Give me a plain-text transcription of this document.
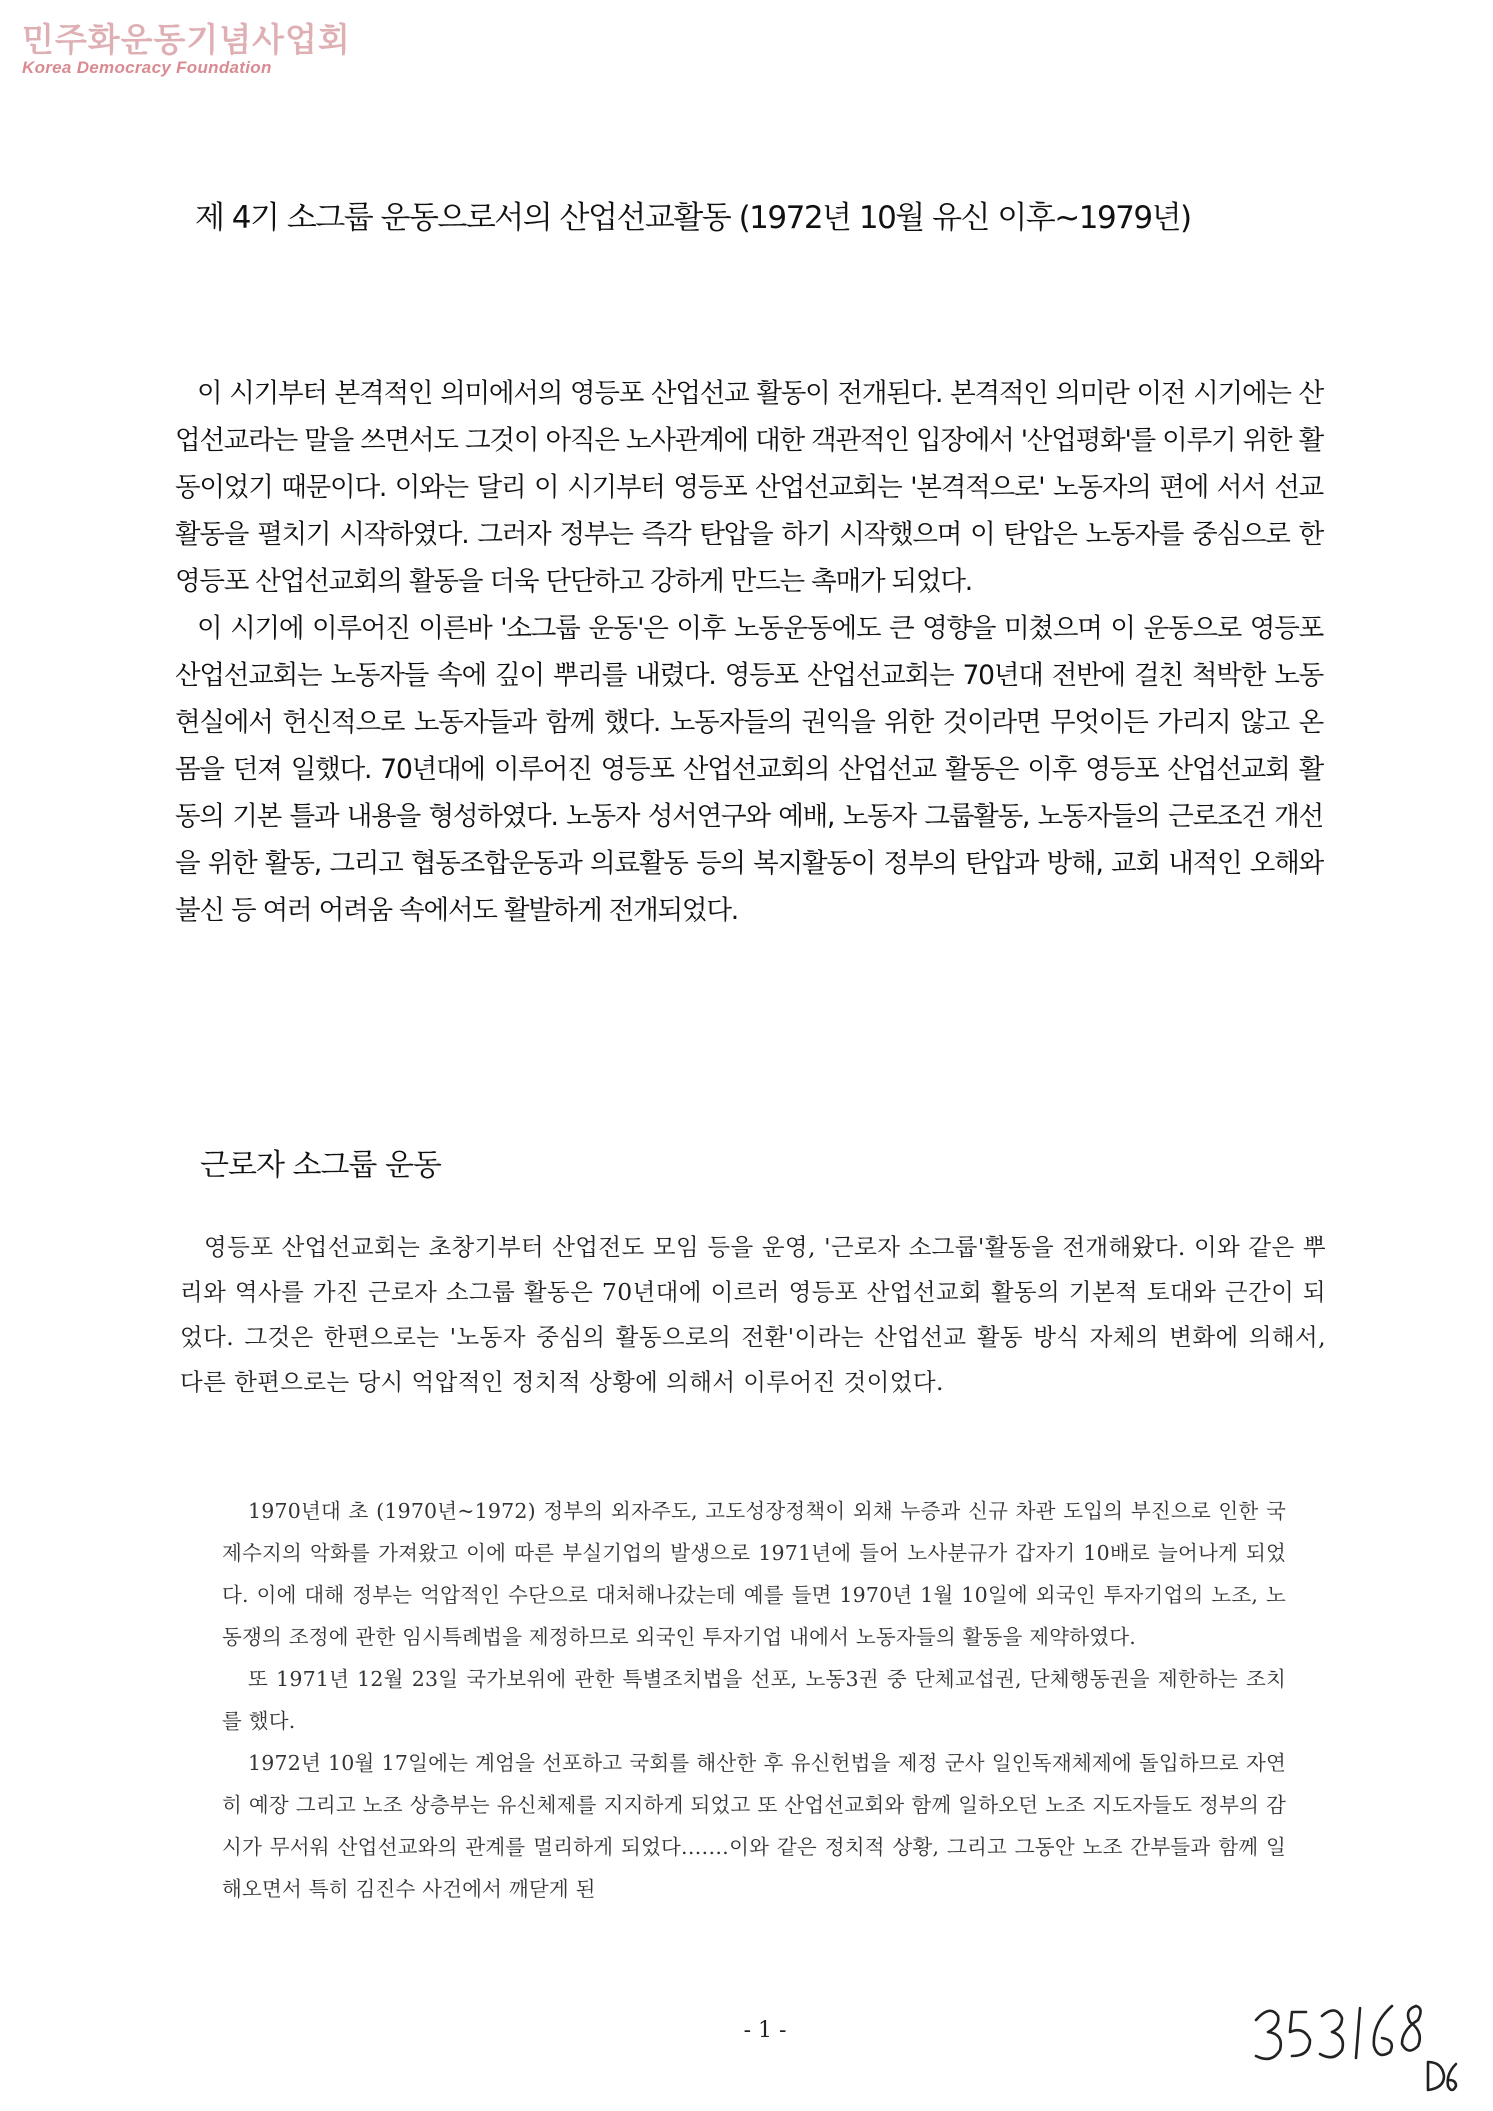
민주화운동기념사업회
Korea Democracy Foundation
제 4기 소그룹 운동으로서의 산업선교활동 (1972년 10월 유신 이후~1979년)

이 시기부터 본격적인 의미에서의 영등포 산업선교 활동이 전개된다. 본격적인 의미란 이전 시기에는 산업선교라는 말을 쓰면서도 그것이 아직은 노사관계에 대한 객관적인 입장에서 '산업평화'를 이루기 위한 활동이었기 때문이다. 이와는 달리 이 시기부터 영등포 산업선교회는 '본격적으로' 노동자의 편에 서서 선교활동을 펼치기 시작하였다. 그러자 정부는 즉각 탄압을 하기 시작했으며 이 탄압은 노동자를 중심으로 한 영등포 산업선교회의 활동을 더욱 단단하고 강하게 만드는 촉매가 되었다.

이 시기에 이루어진 이른바 '소그룹 운동'은 이후 노동운동에도 큰 영향을 미쳤으며 이 운동으로 영등포 산업선교회는 노동자들 속에 깊이 뿌리를 내렸다. 영등포 산업선교회는 70년대 전반에 걸친 척박한 노동현실에서 헌신적으로 노동자들과 함께 했다. 노동자들의 권익을 위한 것이라면 무엇이든 가리지 않고 온 몸을 던져 일했다. 70년대에 이루어진 영등포 산업선교회의 산업선교 활동은 이후 영등포 산업선교회 활동의 기본 틀과 내용을 형성하였다. 노동자 성서연구와 예배, 노동자 그룹활동, 노동자들의 근로조건 개선을 위한 활동, 그리고 협동조합운동과 의료활동 등의 복지활동이 정부의 탄압과 방해, 교회 내적인 오해와 불신 등 여러 어려움 속에서도 활발하게 전개되었다.

근로자 소그룹 운동

영등포 산업선교회는 초창기부터 산업전도 모임 등을 운영, '근로자 소그룹'활동을 전개해왔다. 이와 같은 뿌리와 역사를 가진 근로자 소그룹 활동은 70년대에 이르러 영등포 산업선교회 활동의 기본적 토대와 근간이 되었다. 그것은 한편으로는 '노동자 중심의 활동으로의 전환'이라는 산업선교 활동 방식 자체의 변화에 의해서, 다른 한편으로는 당시 억압적인 정치적 상황에 의해서 이루어진 것이었다.

1970년대 초 (1970년~1972) 정부의 외자주도, 고도성장정책이 외채 누증과 신규 차관 도입의 부진으로 인한 국제수지의 악화를 가져왔고 이에 따른 부실기업의 발생으로 1971년에 들어 노사분규가 갑자기 10배로 늘어나게 되었다. 이에 대해 정부는 억압적인 수단으로 대처해나갔는데 예를 들면 1970년 1월 10일에 외국인 투자기업의 노조, 노동쟁의 조정에 관한 임시특례법을 제정하므로 외국인 투자기업 내에서 노동자들의 활동을 제약하였다.

또 1971년 12월 23일 국가보위에 관한 특별조치법을 선포, 노동3권 중 단체교섭권, 단체행동권을 제한하는 조치를 했다.

1972년 10월 17일에는 계엄을 선포하고 국회를 해산한 후 유신헌법을 제정 군사 일인독재체제에 돌입하므로 자연히 예장 그리고 노조 상층부는 유신체제를 지지하게 되었고 또 산업선교회와 함께 일하오던 노조 지도자들도 정부의 감시가 무서워 산업선교와의 관계를 멀리하게 되었다.……이와 같은 정치적 상황, 그리고 그동안 노조 간부들과 함께 일해오면서 특히 김진수 사건에서 깨닫게 된

- 1 -
